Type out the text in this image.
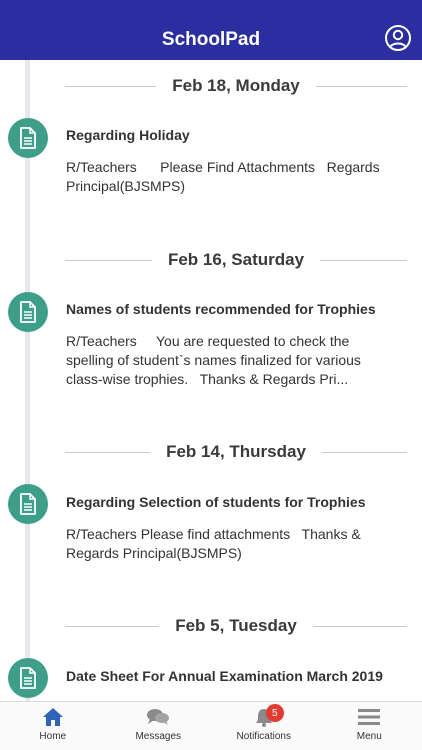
SchoolPad
Feb 18, Monday
Regarding Holiday
R/Teachers      Please Find Attachments   Regards Principal(BJSMPS)
Feb 16, Saturday
Names of students recommended for Trophies
R/Teachers     You are requested to check the spelling of student`s names finalized for various class-wise trophies.   Thanks & Regards Pri...
Feb 14, Thursday
Regarding Selection of students for Trophies
R/Teachers Please find attachments   Thanks & Regards Principal(BJSMPS)
Feb 5, Tuesday
Date Sheet For Annual Examination March 2019
Home	Messages
5
Notifications	Menu
